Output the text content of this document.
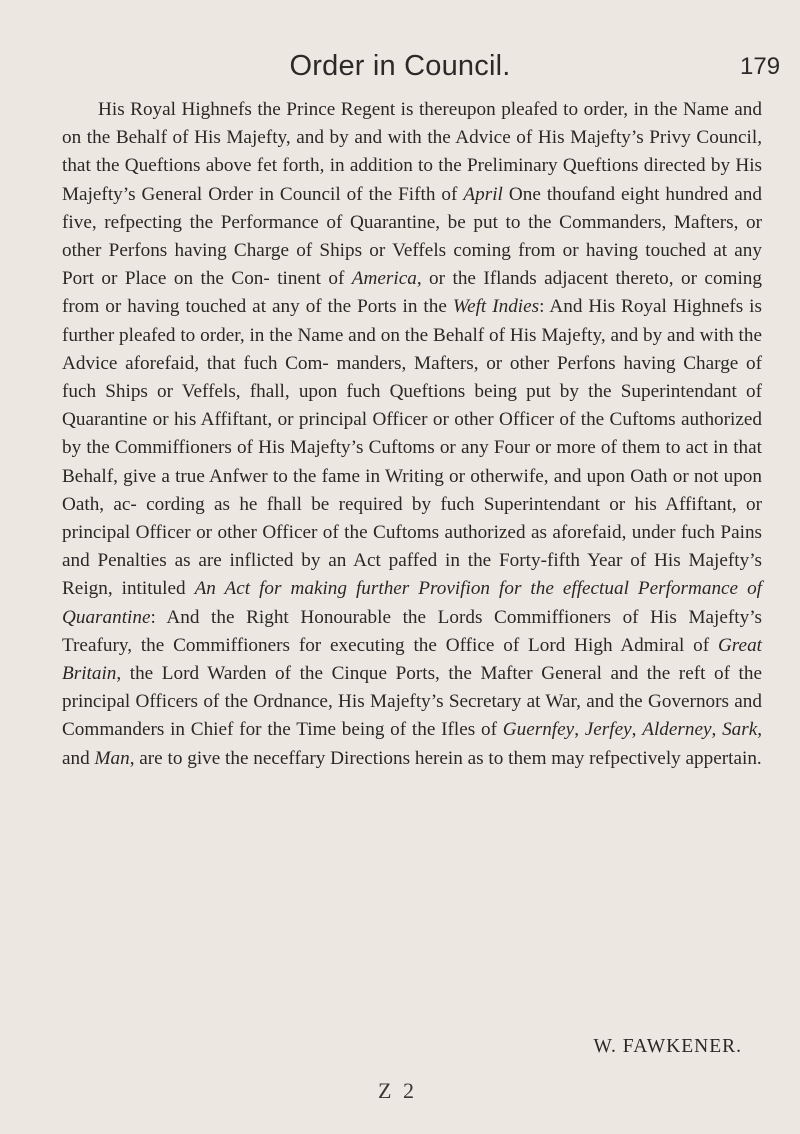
Order in Council.	179

His Royal Highnefs the Prince Regent is thereupon pleafed to order, in the Name and on the Behalf of His Majefty, and by and with the Advice of His Majefty’s Privy Council, that the Queftions above fet forth, in addition to the Preliminary Queftions directed by His Majefty’s General Order in Council of the Fifth of April One thoufand eight hundred and five, refpecting the Performance of Quarantine, be put to the Commanders, Mafters, or other Perfons having Charge of Ships or Veffels coming from or having touched at any Port or Place on the Con- tinent of America, or the Iflands adjacent thereto, or coming from or having touched at any of the Ports in the Weft Indies: And His Royal Highnefs is further pleafed to order, in the Name and on the Behalf of His Majefty, and by and with the Advice aforefaid, that fuch Com- manders, Mafters, or other Perfons having Charge of fuch Ships or Veffels, fhall, upon fuch Queftions being put by the Superintendant of Quarantine or his Affiftant, or principal Officer or other Officer of the Cuftoms authorized by the Commiffioners of His Majefty’s Cuftoms or any Four or more of them to act in that Behalf, give a true Anfwer to the fame in Writing or otherwife, and upon Oath or not upon Oath, ac- cording as he fhall be required by fuch Superintendant or his Affiftant, or principal Officer or other Officer of the Cuftoms authorized as aforefaid, under fuch Pains and Penalties as are inflicted by an Act paffed in the Forty-fifth Year of His Majefty’s Reign, intituled An Act for making further Provifion for the effectual Performance of Quarantine: And the Right Honourable the Lords Commiffioners of His Majefty’s Treafury, the Commiffioners for executing the Office of Lord High Admiral of Great Britain, the Lord Warden of the Cinque Ports, the Mafter General and the reft of the principal Officers of the Ordnance, His Majefty’s Secretary at War, and the Governors and Commanders in Chief for the Time being of the Ifles of Guernfey, Jerfey, Alderney, Sark, and Man, are to give the neceffary Directions herein as to them may refpectively appertain.

W. FAWKENER.
Z 2
